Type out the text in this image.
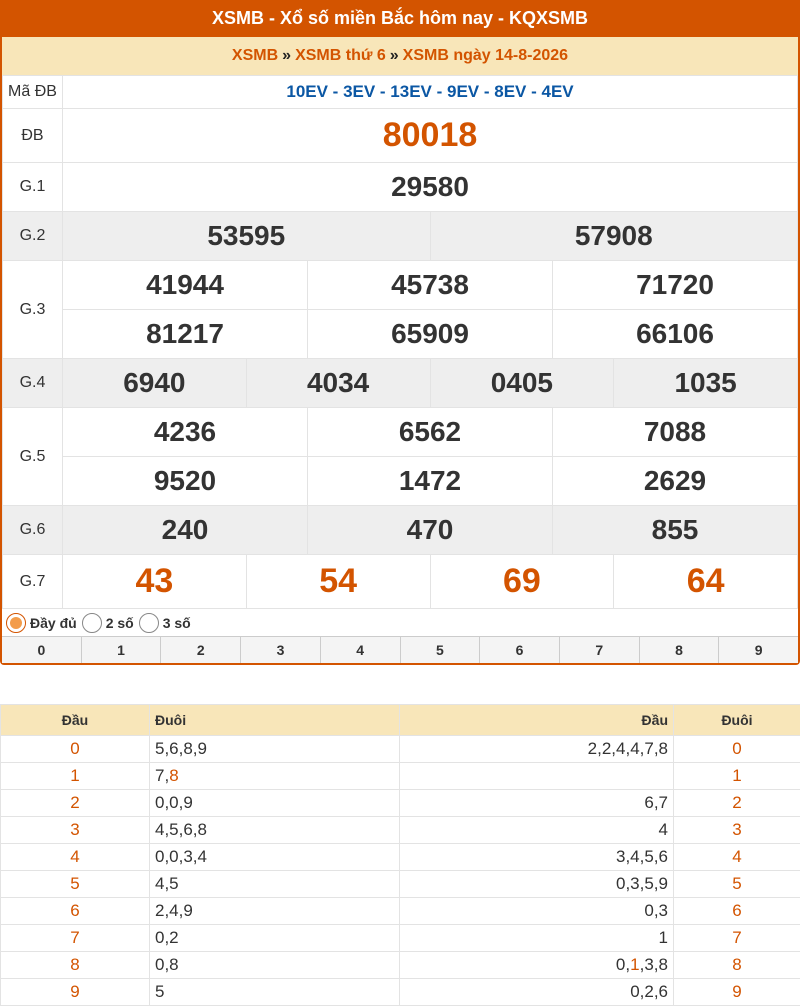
XSMB - Xổ số miền Bắc hôm nay - KQXSMB
XSMB » XSMB thứ 6 » XSMB ngày 14-8-2026
Mã ĐB	10EV - 3EV - 13EV - 9EV - 8EV - 4EV					
ĐB	80018					
G.1	29580					
G.2	53595			57908		
G.3	41944		45738		71720	
	81217		65909		66106	
G.4	6940	4034		0405		1035
G.5	4236		6562		7088	
	9520		1472		2629	
G.6	240		470		855	
G.7	43	54		69		64
Đầy đủ 2 số 3 số
0	1	2	3	4	5	6	7	8	9
Đầu	Đuôi	Đầu	Đuôi
0	5,6,8,9	2,2,4,4,7,8	0
1	7,8		1
2	0,0,9	6,7	2
3	4,5,6,8	4	3
4	0,0,3,4	3,4,5,6	4
5	4,5	0,3,5,9	5
6	2,4,9	0,3	6
7	0,2	1	7
8	0,8	0,1,3,8	8
9	5	0,2,6	9
